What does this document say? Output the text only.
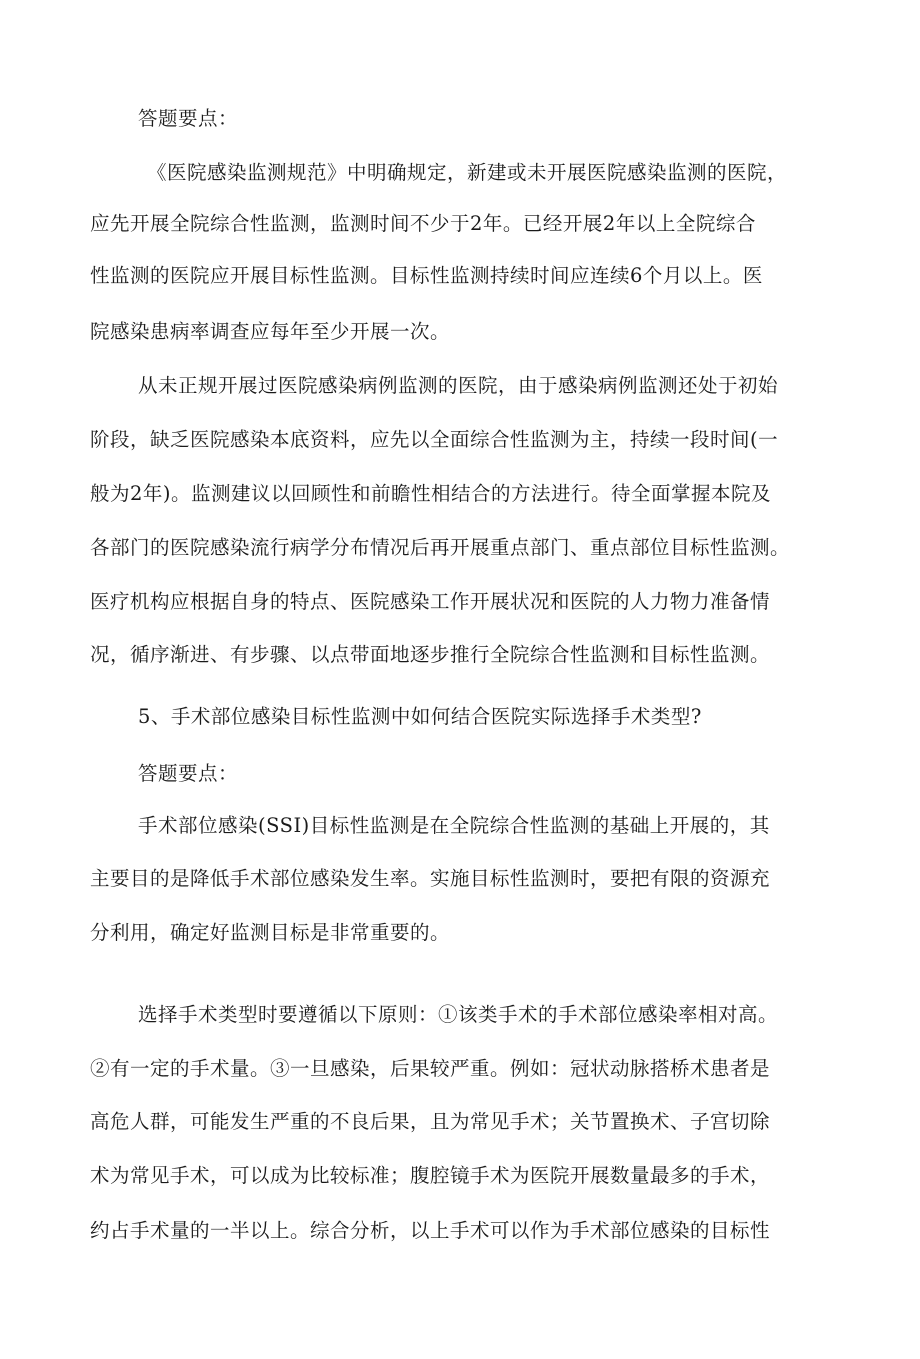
答题要点：
《医院感染监测规范》中明确规定，新建或未开展医院感染监测的医院，
应先开展全院综合性监测，监测时间不少于2年。已经开展2年以上全院综合
性监测的医院应开展目标性监测。目标性监测持续时间应连续6个月以上。医
院感染患病率调查应每年至少开展一次。
从未正规开展过医院感染病例监测的医院，由于感染病例监测还处于初始
阶段，缺乏医院感染本底资料，应先以全面综合性监测为主，持续一段时间(一
般为2年)。监测建议以回顾性和前瞻性相结合的方法进行。待全面掌握本院及
各部门的医院感染流行病学分布情况后再开展重点部门、重点部位目标性监测。
医疗机构应根据自身的特点、医院感染工作开展状况和医院的人力物力准备情
况，循序渐进、有步骤、以点带面地逐步推行全院综合性监测和目标性监测。
5、手术部位感染目标性监测中如何结合医院实际选择手术类型?
答题要点：
手术部位感染(SSI)目标性监测是在全院综合性监测的基础上开展的，其
主要目的是降低手术部位感染发生率。实施目标性监测时，要把有限的资源充
分利用，确定好监测目标是非常重要的。
选择手术类型时要遵循以下原则：①该类手术的手术部位感染率相对高。
②有一定的手术量。③一旦感染，后果较严重。例如：冠状动脉搭桥术患者是
高危人群，可能发生严重的不良后果，且为常见手术；关节置换术、子宫切除
术为常见手术，可以成为比较标准；腹腔镜手术为医院开展数量最多的手术，
约占手术量的一半以上。综合分析，以上手术可以作为手术部位感染的目标性
